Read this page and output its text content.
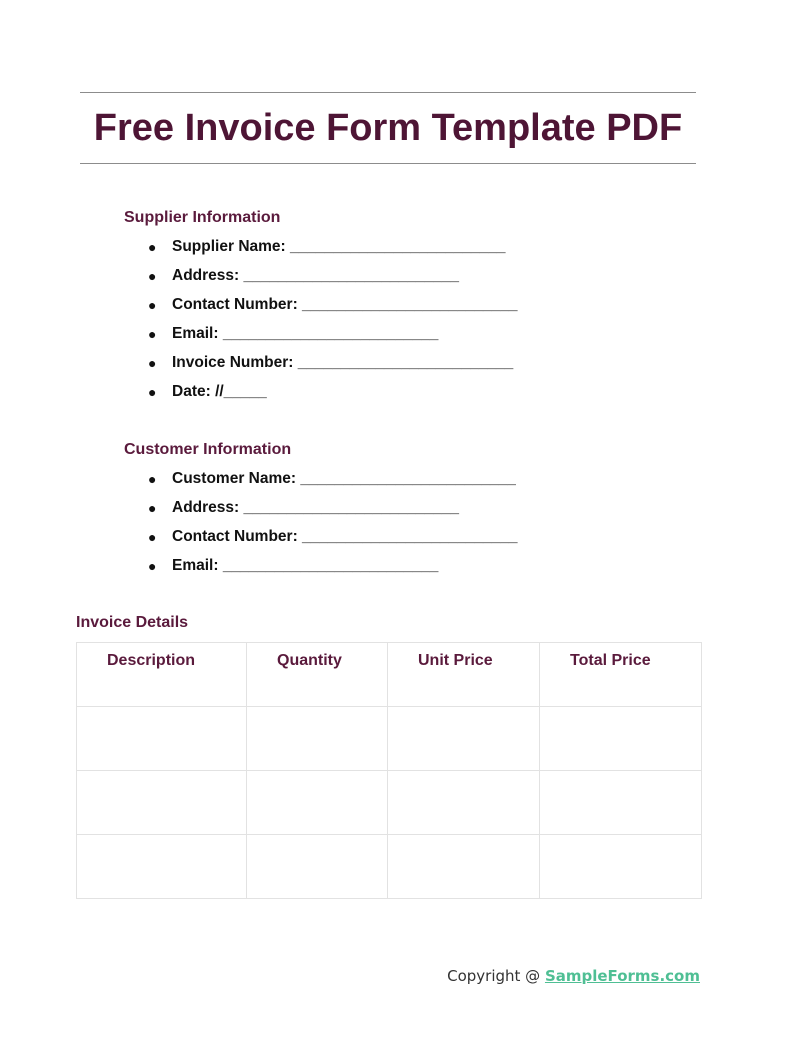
Free Invoice Form Template PDF
Supplier Information
● Supplier Name: _________________________
● Address: _________________________
● Contact Number: _________________________
● Email: _________________________
● Invoice Number: _________________________
● Date: //_____
Customer Information
● Customer Name: _________________________
● Address: _________________________
● Contact Number: _________________________
● Email: _________________________
Invoice Details
Description	Quantity	Unit Price	Total Price

Copyright @ SampleForms.com
